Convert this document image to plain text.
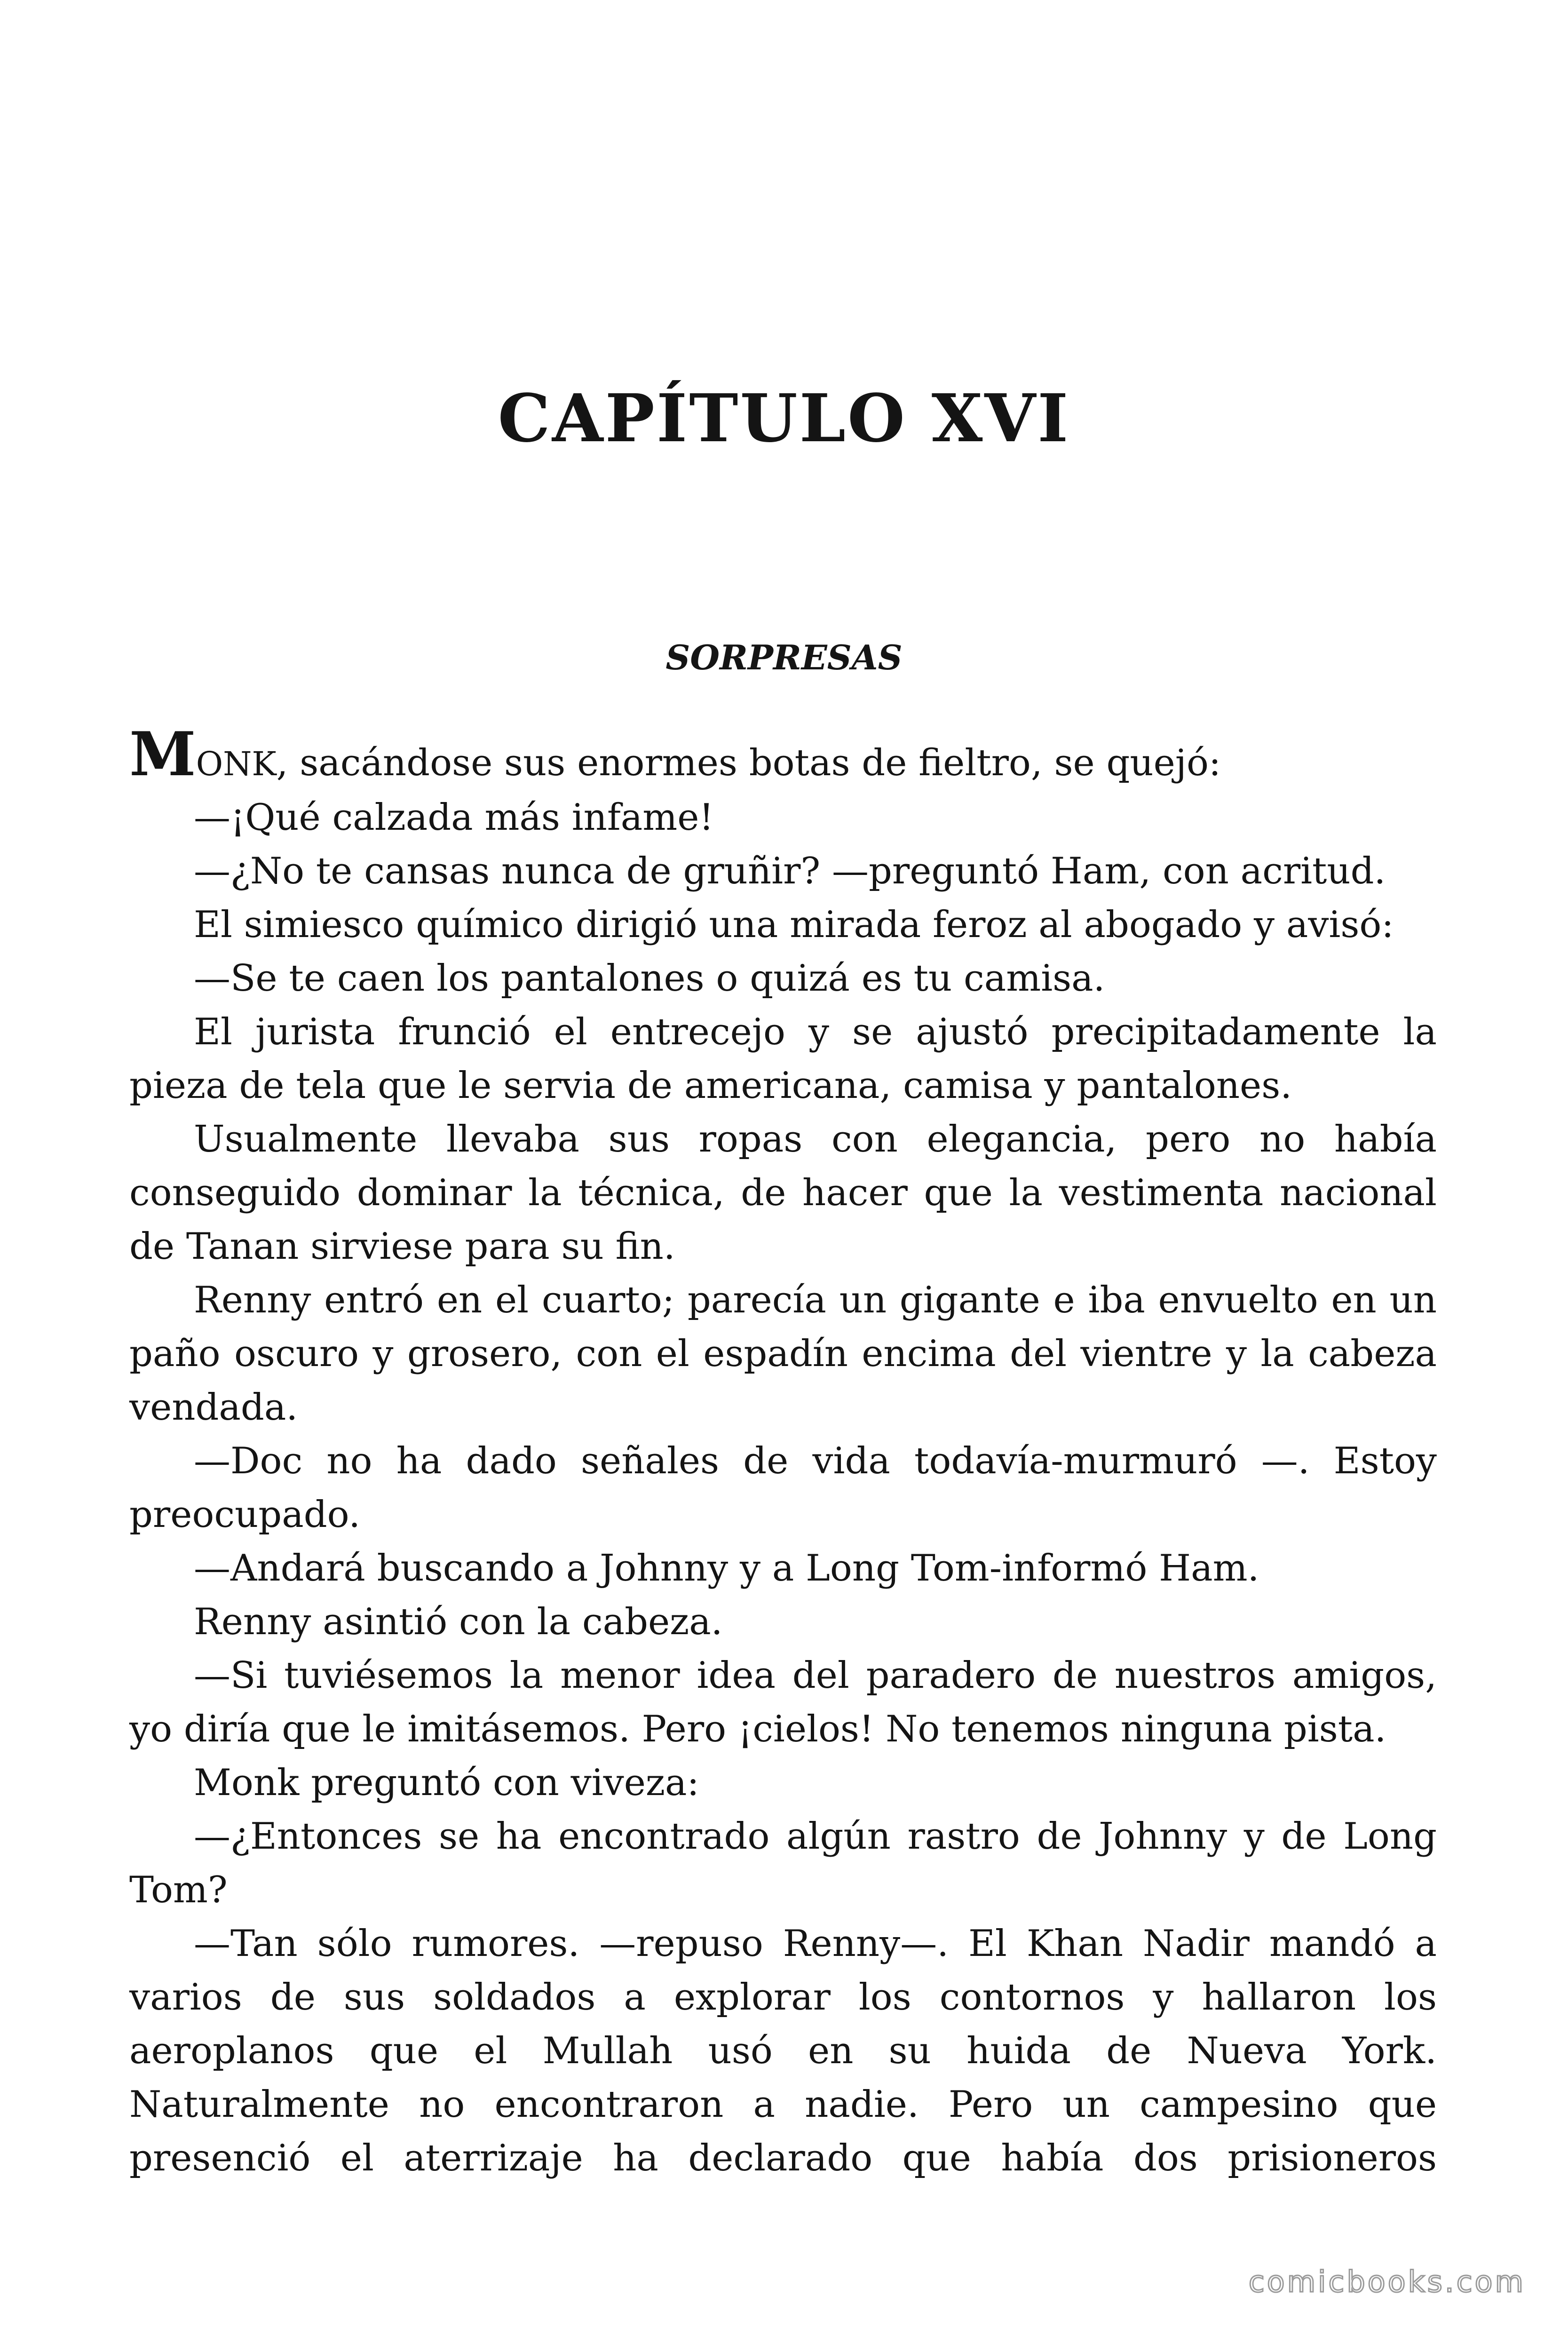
CAPÍTULO XVI
SORPRESAS

MONK, sacándose sus enormes botas de fieltro, se quejó:

—¡Qué calzada más infame!

—¿No te cansas nunca de gruñir? —preguntó Ham, con acritud.

El simiesco químico dirigió una mirada feroz al abogado y avisó:

—Se te caen los pantalones o quizá es tu camisa.

El jurista frunció el entrecejo y se ajustó precipitadamente la pieza de tela que le servia de americana, camisa y pantalones.

Usualmente llevaba sus ropas con elegancia, pero no había conseguido dominar la técnica, de hacer que la vestimenta nacional de Tanan sirviese para su fin.

Renny entró en el cuarto; parecía un gigante e iba envuelto en un paño oscuro y grosero, con el espadín encima del vientre y la cabeza vendada.

—Doc no ha dado señales de vida todavía-murmuró —. Estoy preocupado.

—Andará buscando a Johnny y a Long Tom-informó Ham.

Renny asintió con la cabeza.

—Si tuviésemos la menor idea del paradero de nuestros amigos, yo diría que le imitásemos. Pero ¡cielos! No tenemos ninguna pista.

Monk preguntó con viveza:

—¿Entonces se ha encontrado algún rastro de Johnny y de Long Tom?

—Tan sólo rumores. —repuso Renny—. El Khan Nadir mandó a varios de sus soldados a explorar los contornos y hallaron los aeroplanos que el Mullah usó en su huida de Nueva York. Naturalmente no encontraron a nadie. Pero un campesino que presenció el aterrizaje ha declarado que había dos prisioneros

comicbooks.com
